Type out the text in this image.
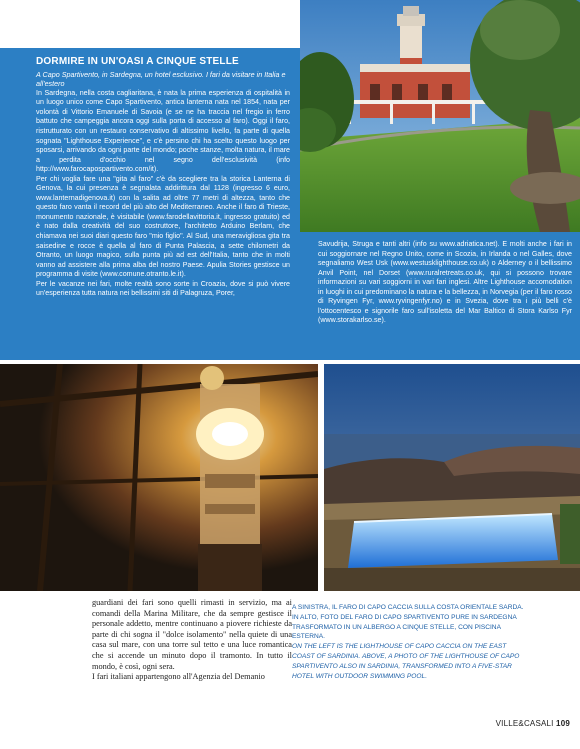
DORMIRE IN UN'OASI A CINQUE STELLE

A Capo Spartivento, in Sardegna, un hotel esclusivo. I fari da visitare in Italia e all'estero

In Sardegna, nella costa cagliaritana, è nata la prima esperienza di ospitalità in un luogo unico come Capo Spartivento, antica lanterna nata nel 1854, nata per volontà di Vittorio Emanuele di Savoia (e se ne ha traccia nel fregio in ferro battuto che campeggia ancora oggi sulla porta di accesso al faro). Oggi il faro, ristrutturato con un restauro conservativo di altissimo livello, fa parte di quella sognata "Lighthouse Experience", e c'è persino chi ha scelto questo luogo per sposarsi, arrivando da ogni parte del mondo; poche stanze, molta natura, il mare a perdita d'occhio nel segno dell'esclusività (info http://www.farocapospartivento.com/it).

Per chi voglia fare una "gita al faro" c'è da scegliere tra la storica Lanterna di Genova, la cui presenza è segnalata addirittura dal 1128 (ingresso 6 euro, www.lanternadigenova.it) con la salita ad oltre 77 metri di altezza, tanto che questo faro vanta il record del più alto del Mediterraneo. Anche il faro di Trieste, monumento nazionale, è visitabile (www.farodellavittoria.it, ingresso gratuito) ed è nato dalla creatività del suo costruttore, l'architetto Arduino Berlam, che chiamava nei suoi diari questo faro "mio figlio". Al Sud, una meravigliosa gita tra saisedine e rocce è quella al faro di Punta Palascia, a sette chilometri da Otranto, un luogo magico, sulla punta più ad est dell'Italia, tanto che in molti vanno ad assistere alla prima alba del nostro Paese. Apulia Stories gestisce un programma di visite (www.comune.otranto.le.it).

Per le vacanze nei fari, molte realtà sono sorte in Croazia, dove si può vivere un'esperienza tutta natura nei bellissimi siti di Palagruza, Porer,

Savudrija, Struga e tanti altri (info su www.adriatica.net). E molti anche i fari in cui soggiornare nel Regno Unito, come in Scozia, in Irlanda o nel Galles, dove segnaliamo West Usk (www.westusklighthouse.co.uk) o Alderney o il bellissimo Anvil Point, nel Dorset (www.ruralretreats.co.uk, qui si possono trovare informazioni su vari soggiorni in vari fari inglesi. Altre Lighthouse accomodation in luoghi in cui predominano la natura e la bellezza, in Norvegia (per il faro rosso di Ryvingen Fyr, www.ryvingenfyr.no) e in Svezia, dove tra i più belli c'è l'ottocentesco e signorile faro sull'isoletta del Mar Baltico di Stora Karlso Fyr (www.storakarlso.se).

guardiani dei fari sono quelli rimasti in servizio, ma ai comandi della Marina Militare, che da sempre gestisce il personale addetto, mentre continuano a piovere richieste da parte di chi sogna il "dolce isolamento" nella quiete di una casa sul mare, con una torre sul tetto e una luce romantica che si accende un minuto dopo il tramonto. In tutto il mondo, è così, ogni sera.

I fari italiani appartengono all'Agenzia del Demanio

A SINISTRA, IL FARO DI CAPO CACCIA SULLA COSTA ORIENTALE SARDA. IN ALTO, FOTO DEL FARO DI CAPO SPARTIVENTO PURE IN SARDEGNA TRASFORMATO IN UN ALBERGO A CINQUE STELLE, CON PISCINA ESTERNA.

ON THE LEFT IS THE LIGHTHOUSE OF CAPO CACCIA ON THE EAST COAST OF SARDINIA. ABOVE, A PHOTO OF THE LIGHTHOUSE OF CAPO SPARTIVENTO ALSO IN SARDINIA, TRANSFORMED INTO A FIVE-STAR HOTEL WITH OUTDOOR SWIMMING POOL.

VILLE&CASALI 109
